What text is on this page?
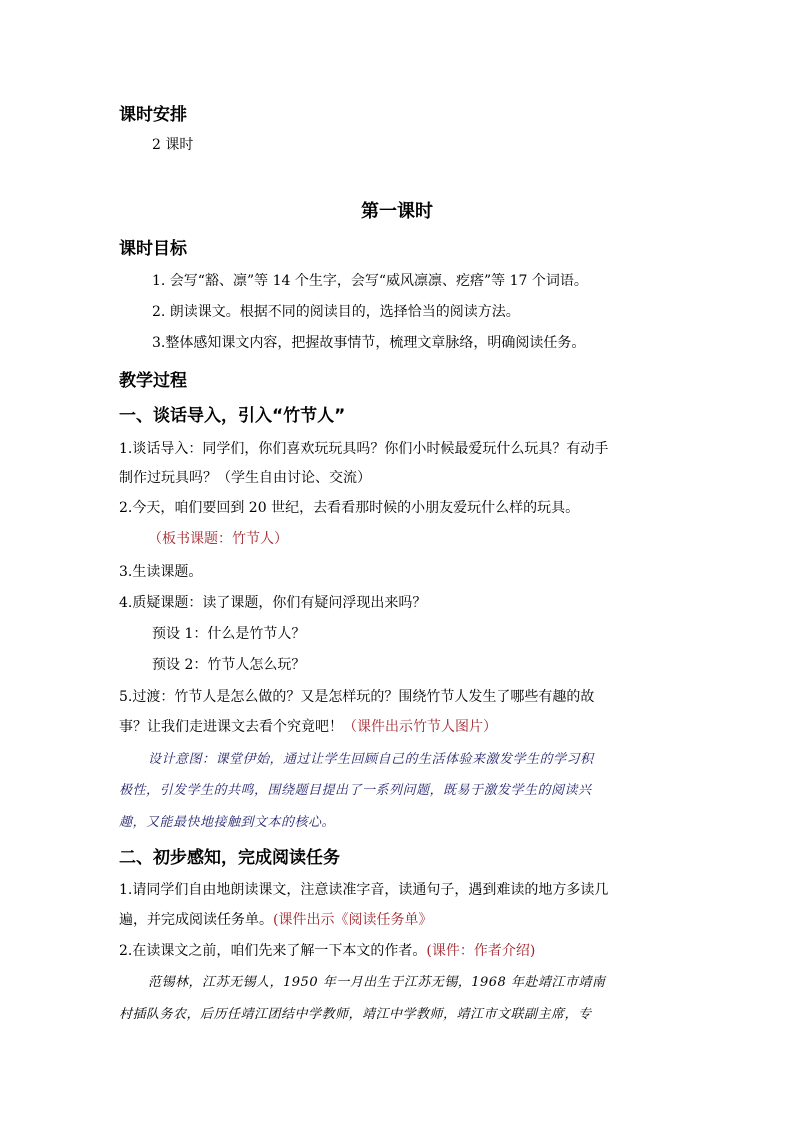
课时安排
2 课时
第一课时
课时目标
1. 会写“豁、凛”等 14 个生字，会写“威风凛凛、疙瘩”等 17 个词语。
2. 朗读课文。根据不同的阅读目的，选择恰当的阅读方法。
3.整体感知课文内容，把握故事情节，梳理文章脉络，明确阅读任务。
教学过程
一、谈话导入，引入“竹节人”
1.谈话导入：同学们，你们喜欢玩玩具吗？你们小时候最爱玩什么玩具？有动手
制作过玩具吗？（学生自由讨论、交流）
2.今天，咱们要回到 20 世纪，去看看那时候的小朋友爱玩什么样的玩具。
（板书课题：竹节人）
3.生读课题。
4.质疑课题：读了课题，你们有疑问浮现出来吗？
预设 1：什么是竹节人？
预设 2：竹节人怎么玩？
5.过渡：竹节人是怎么做的？又是怎样玩的？围绕竹节人发生了哪些有趣的故
事？让我们走进课文去看个究竟吧！（课件出示竹节人图片）
设计意图：课堂伊始，通过让学生回顾自己的生活体验来激发学生的学习积
极性，引发学生的共鸣，围绕题目提出了一系列问题，既易于激发学生的阅读兴
趣，又能最快地接触到文本的核心。
二、初步感知，完成阅读任务
1.请同学们自由地朗读课文，注意读准字音，读通句子，遇到难读的地方多读几
遍，并完成阅读任务单。(课件出示《阅读任务单》
2.在读课文之前，咱们先来了解一下本文的作者。(课件：作者介绍)
范锡林，江苏无锡人，1950 年一月出生于江苏无锡，1968 年赴靖江市靖南
村插队务农，后历任靖江团结中学教师，靖江中学教师，靖江市文联副主席，专
